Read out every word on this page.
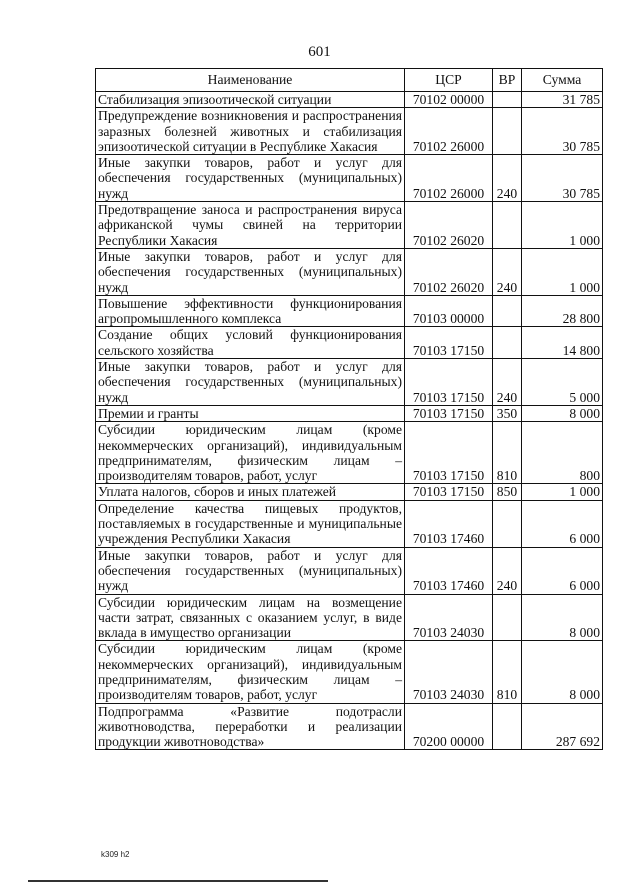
601
Наименование	ЦСР	ВР	Сумма
Стабилизация эпизоотической ситуации	70102 00000		31 785
Предупреждение возникновения и распространения заразных болезней животных и стабилизация эпизоотической ситуации в Республике Хакасия	70102 26000		30 785
Иные закупки товаров, работ и услуг для обеспечения государственных (муниципальных) нужд	70102 26000	240	30 785
Предотвращение заноса и распространения вируса африканской чумы свиней на территории Республики Хакасия	70102 26020		1 000
Иные закупки товаров, работ и услуг для обеспечения государственных (муниципальных) нужд	70102 26020	240	1 000
Повышение эффективности функционирования агропромышленного комплекса	70103 00000		28 800
Создание общих условий функционирования сельского хозяйства	70103 17150		14 800
Иные закупки товаров, работ и услуг для обеспечения государственных (муниципальных) нужд	70103 17150	240	5 000
Премии и гранты	70103 17150	350	8 000
Субсидии юридическим лицам (кроме некоммерческих организаций), индивидуальным предпринимателям, физическим лицам – производителям товаров, работ, услуг	70103 17150	810	800
Уплата налогов, сборов и иных платежей	70103 17150	850	1 000
Определение качества пищевых продуктов, поставляемых в государственные и муниципальные учреждения Республики Хакасия	70103 17460		6 000
Иные закупки товаров, работ и услуг для обеспечения государственных (муниципальных) нужд	70103 17460	240	6 000
Субсидии юридическим лицам на возмещение части затрат, связанных с оказанием услуг, в виде вклада в имущество организации	70103 24030		8 000
Субсидии юридическим лицам (кроме некоммерческих организаций), индивидуальным предпринимателям, физическим лицам – производителям товаров, работ, услуг	70103 24030	810	8 000
Подпрограмма «Развитие подотрасли животноводства, переработки и реализации продукции животноводства»	70200 00000		287 692
k309 h2
